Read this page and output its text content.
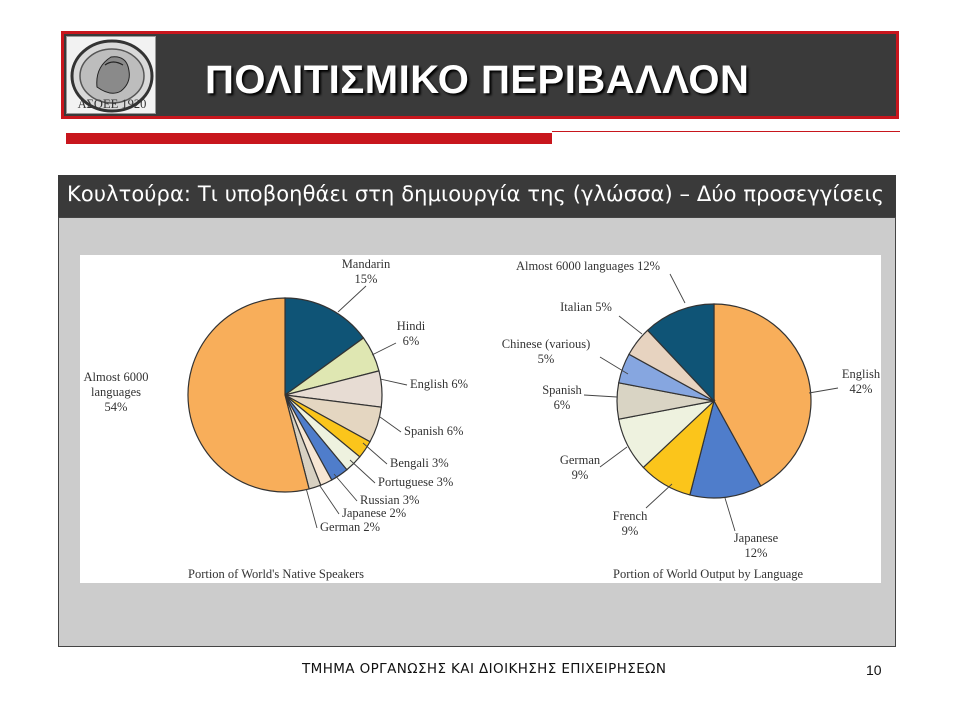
ΑΣΟΕΕ 1920
ΠΟΛΙΤΙΣΜΙΚΟ ΠΕΡΙΒΑΛΛΟΝ
Κουλτούρα: Τι υποβοηθάει στη δημιουργία της (γλώσσα) – Δύο προσεγγίσεις
Mandarin 15%
Hindi 6%
English 6%
Spanish 6%
Bengali 3%
Portuguese 3%
Russian 3%
Japanese 2%
German 2%
Almost 6000 languages 54%
Portion of World's Native Speakers
English 42%
Japanese 12%
French 9%
German 9%
Spanish 6%
Chinese (various) 5%
Italian 5%
Almost 6000 languages 12%
Portion of World Output by Language
ΤΜΗΜΑ ΟΡΓΑΝΩΣΗΣ ΚΑΙ ΔΙΟΙΚΗΣΗΣ ΕΠΙΧΕΙΡΗΣΕΩΝ	10
